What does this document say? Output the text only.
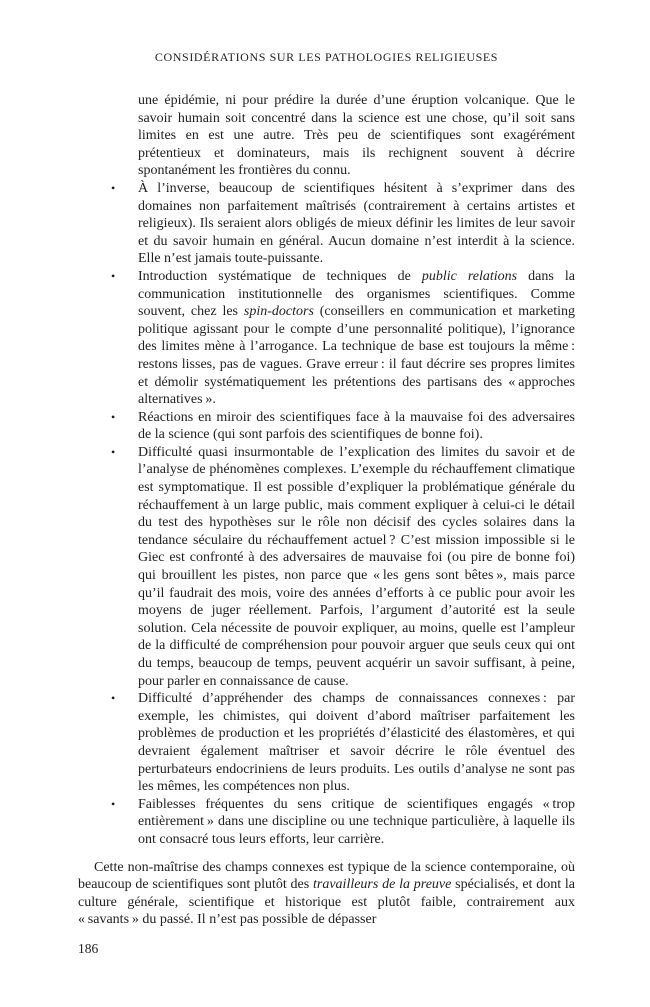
CONSIDÉRATIONS SUR LES PATHOLOGIES RELIGIEUSES

une épidémie, ni pour prédire la durée d’une éruption volcanique. Que le savoir humain soit concentré dans la science est une chose, qu’il soit sans limites en est une autre. Très peu de scientifiques sont exagérément prétentieux et dominateurs, mais ils rechignent souvent à décrire spontanément les frontières du connu.

• À l’inverse, beaucoup de scientifiques hésitent à s’exprimer dans des domaines non parfaitement maîtrisés (contrairement à certains artistes et religieux). Ils seraient alors obligés de mieux définir les limites de leur savoir et du savoir humain en général. Aucun domaine n’est interdit à la science. Elle n’est jamais toute-puissante.
• Introduction systématique de techniques de public relations dans la communication institutionnelle des organismes scientifiques. Comme souvent, chez les spin-doctors (conseillers en communication et marketing politique agissant pour le compte d’une personnalité politique), l’ignorance des limites mène à l’arrogance. La technique de base est toujours la même : restons lisses, pas de vagues. Grave erreur : il faut décrire ses propres limites et démolir systématiquement les prétentions des partisans des « approches alternatives ».
• Réactions en miroir des scientifiques face à la mauvaise foi des adversaires de la science (qui sont parfois des scientifiques de bonne foi).
• Difficulté quasi insurmontable de l’explication des limites du savoir et de l’analyse de phénomènes complexes. L’exemple du réchauffement climatique est symptomatique. Il est possible d’expliquer la problématique générale du réchauffement à un large public, mais comment expliquer à celui-ci le détail du test des hypothèses sur le rôle non décisif des cycles solaires dans la tendance séculaire du réchauffement actuel ? C’est mission impossible si le Giec est confronté à des adversaires de mauvaise foi (ou pire de bonne foi) qui brouillent les pistes, non parce que « les gens sont bêtes », mais parce qu’il faudrait des mois, voire des années d’efforts à ce public pour avoir les moyens de juger réellement. Parfois, l’argument d’autorité est la seule solution. Cela nécessite de pouvoir expliquer, au moins, quelle est l’ampleur de la difficulté de compréhension pour pouvoir arguer que seuls ceux qui ont du temps, beaucoup de temps, peuvent acquérir un savoir suffisant, à peine, pour parler en connaissance de cause.
• Difficulté d’appréhender des champs de connaissances connexes : par exemple, les chimistes, qui doivent d’abord maîtriser parfaitement les problèmes de production et les propriétés d’élasticité des élastomères, et qui devraient également maîtriser et savoir décrire le rôle éventuel des perturbateurs endocriniens de leurs produits. Les outils d’analyse ne sont pas les mêmes, les compétences non plus.
• Faiblesses fréquentes du sens critique de scientifiques engagés « trop entièrement » dans une discipline ou une technique particulière, à laquelle ils ont consacré tous leurs efforts, leur carrière.

Cette non-maîtrise des champs connexes est typique de la science contemporaine, où beaucoup de scientifiques sont plutôt des travailleurs de la preuve spécialisés, et dont la culture générale, scientifique et historique est plutôt faible, contrairement aux « savants » du passé. Il n’est pas possible de dépasser

186
